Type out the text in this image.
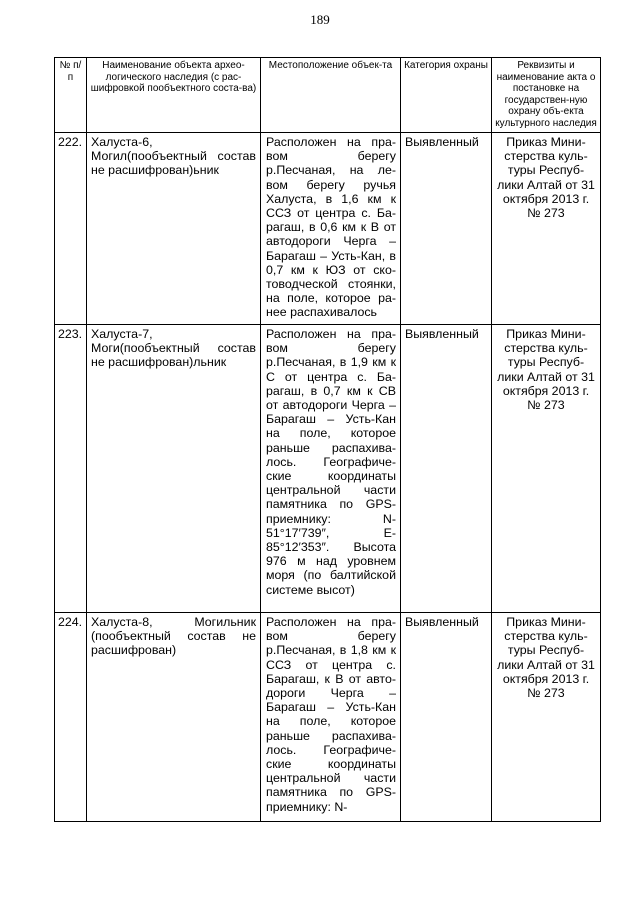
189
№ п/п	Наименование объекта архео-логического наследия (с рас-шифровкой пообъектного соста-ва)	Местоположение объек-та	Категория охраны	Реквизиты и наименование акта о постановке на государствен-ную охрану объ-екта культурного наследия
222.	Халуста-6, Могил(пообъектный состав не расшифрован)ьник	Расположен на пра-вом берегу р.Песчаная, на ле-вом берегу ручья Халуста, в 1,6 км к ССЗ от центра с. Ба-рагаш, в 0,6 км к В от автодороги Черга – Барагаш – Усть-Кан, в 0,7 км к ЮЗ от ско-товодческой стоянки, на поле, которое ра-нее распахивалось	Выявленный	Приказ Мини-стерства куль-туры Респуб-лики Алтай от 31 октября 2013 г. № 273
223.	Халуста-7, Моги(пообъектный состав не расшифрован)льник	Расположен на пра-вом берегу р.Песчаная, в 1,9 км к С от центра с. Ба-рагаш, в 0,7 км к СВ от автодороги Черга – Барагаш – Усть-Кан на поле, которое раньше распахива-лось. Географиче-ские координаты центральной части памятника по GPS-приемнику: N-51°17′739″, E-85°12′353″. Высота 976 м над уровнем моря (по балтийской системе высот)	Выявленный	Приказ Мини-стерства куль-туры Респуб-лики Алтай от 31 октября 2013 г. № 273
224.	Халуста-8, Могильник (пообъектный состав не расшифрован)	Расположен на пра-вом берегу р.Песчаная, в 1,8 км к ССЗ от центра с. Барагаш, к В от авто-дороги Черга – Барагаш – Усть-Кан на поле, которое раньше распахива-лось. Географиче-ские координаты центральной части памятника по GPS-приемнику: N-	Выявленный	Приказ Мини-стерства куль-туры Респуб-лики Алтай от 31 октября 2013 г. № 273
